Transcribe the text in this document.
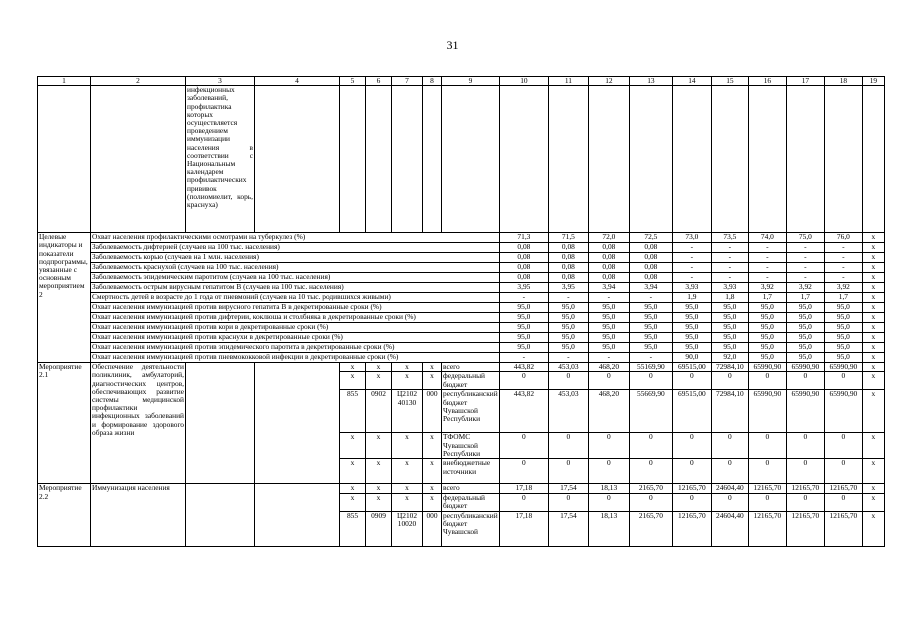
31
1	2	3	4	5	6	7	8	9	10	11	12	13	14	15	16	17	18	19
		инфекционных заболеваний, профилактика которых осуществляется проведением иммунизации населения в соответствии с Национальным календарем профилактических прививок (полиомиелит, корь, краснуха)																
Целевые индикаторы и показатели подпрограммы, увязанные с основным мероприятием 2	Охват населения профилактическими осмотрами на туберкулез (%)								71,3	71,5	72,0	72,5	73,0	73,5	74,0	75,0	76,0	x
	Заболеваемость дифтерией (случаев на 100 тыс. населения)								0,08	0,08	0,08	0,08	-	-	-	-	-	x
	Заболеваемость корью (случаев на 1 млн. населения)								0,08	0,08	0,08	0,08	-	-	-	-	-	x
	Заболеваемость краснухой (случаев на 100 тыс. населения)								0,08	0,08	0,08	0,08	-	-	-	-	-	x
	Заболеваемость эпидемическим паротитом (случаев на 100 тыс. населения)								0,08	0,08	0,08	0,08	-	-	-	-	-	x
	Заболеваемость острым вирусным гепатитом В (случаев на 100 тыс. населения)								3,95	3,95	3,94	3,94	3,93	3,93	3,92	3,92	3,92	x
	Смертность детей в возрасте до 1 года от пневмоний (случаев на 10 тыс. родившихся живыми)								-	-	-	-	1,9	1,8	1,7	1,7	1,7	x
	Охват населения иммунизацией против вирусного гепатита В в декретированные сроки (%)								95,0	95,0	95,0	95,0	95,0	95,0	95,0	95,0	95,0	x
	Охват населения иммунизацией против дифтерии, коклюша и столбняка в декретированные сроки (%)								95,0	95,0	95,0	95,0	95,0	95,0	95,0	95,0	95,0	x
	Охват населения иммунизацией против кори в декретированные сроки (%)								95,0	95,0	95,0	95,0	95,0	95,0	95,0	95,0	95,0	x
	Охват населения иммунизацией против краснухи в декретированные сроки (%)								95,0	95,0	95,0	95,0	95,0	95,0	95,0	95,0	95,0	x
	Охват населения иммунизацией против эпидемического паротита в декретированные сроки (%)								95,0	95,0	95,0	95,0	95,0	95,0	95,0	95,0	95,0	x
	Охват населения иммунизацией против пневмококковой инфекции в декретированные сроки (%)								-	-	-	-	90,0	92,0	95,0	95,0	95,0	x
Мероприятие 2.1	Обеспечение деятельности поликлиник, амбулаторий, диагностических центров, обеспечивающих развитие системы медицинской профилактики инфекционных заболеваний и формирование здорового образа жизни			x	x	x	x	всего	443,82	453,03	468,20	55169,90	69515,00	72984,10	65990,90	65990,90	65990,90	x
				x	x	x	x	федеральный бюджет	0	0	0	0	0	0	0	0	0	x
				855	0902	Ц2102 40130	000	республиканский бюджет Чувашской Республики	443,82	453,03	468,20	55669,90	69515,00	72984,10	65990,90	65990,90	65990,90	x
				x	x	x	x	ТФОМС Чувашской Республики	0	0	0	0	0	0	0	0	0	x
				x	x	x	x	внебюджетные источники	0	0	0	0	0	0	0	0	0	x
Мероприятие 2.2	Иммунизация населения			x	x	x	x	всего	17,18	17,54	18,13	2165,70	12165,70	24604,40	12165,70	12165,70	12165,70	x
				x	x	x	x	федеральный бюджет	0	0	0	0	0	0	0	0	0	x
				855	0909	Ц2102 10020	000	республиканский бюджет Чувашской	17,18	17,54	18,13	2165,70	12165,70	24604,40	12165,70	12165,70	12165,70	x
